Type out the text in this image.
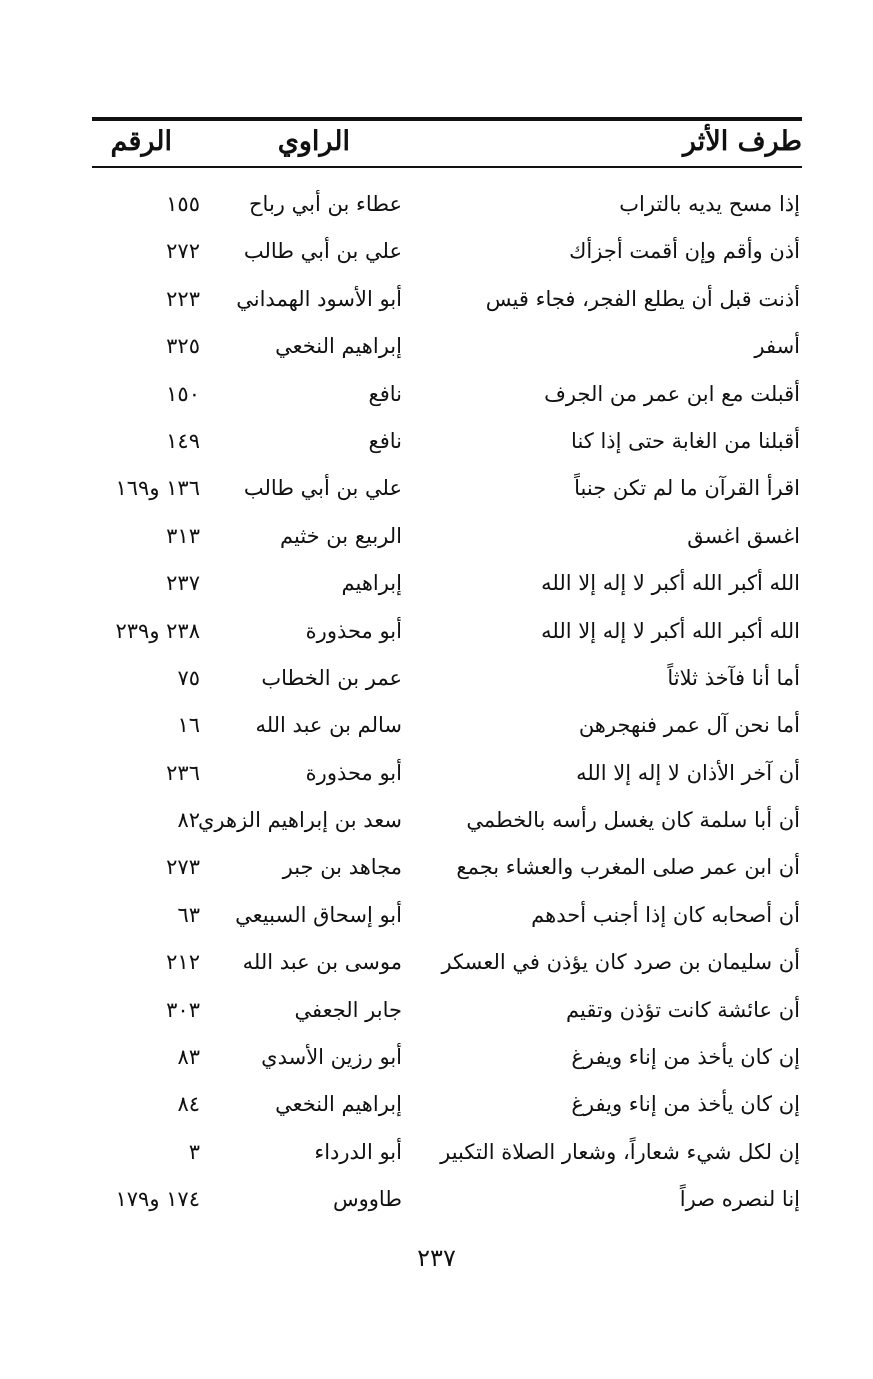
طرف الأثر
الراوي
الرقم
إذا مسح يديه بالتراب
عطاء بن أبي رباح
١٥٥
أذن وأقم وإن أقمت أجزأك
علي بن أبي طالب
٢٧٢
أذنت قبل أن يطلع الفجر، فجاء قيس
أبو الأسود الهمداني
٢٢٣
أسفر
إبراهيم النخعي
٣٢٥
أقبلت مع ابن عمر من الجرف
نافع
١٥٠
أقبلنا من الغابة حتى إذا كنا
نافع
١٤٩
اقرأ القرآن ما لم تكن جنباً
علي بن أبي طالب
١٣٦ و١٦٩
اغسق اغسق
الربيع بن خثيم
٣١٣
الله أكبر الله أكبر لا إله إلا الله
إبراهيم
٢٣٧
الله أكبر الله أكبر لا إله إلا الله
أبو محذورة
٢٣٨ و٢٣٩
أما أنا فآخذ ثلاثاً
عمر بن الخطاب
٧٥
أما نحن آل عمر فنهجرهن
سالم بن عبد الله
١٦
أن آخر الأذان لا إله إلا الله
أبو محذورة
٢٣٦
أن أبا سلمة كان يغسل رأسه بالخطمي
سعد بن إبراهيم الزهري
٨٢
أن ابن عمر صلى المغرب والعشاء بجمع
مجاهد بن جبر
٢٧٣
أن أصحابه كان إذا أجنب أحدهم
أبو إسحاق السبيعي
٦٣
أن سليمان بن صرد كان يؤذن في العسكر
موسى بن عبد الله
٢١٢
أن عائشة كانت تؤذن وتقيم
جابر الجعفي
٣٠٣
إن كان يأخذ من إناء ويفرغ
أبو رزين الأسدي
٨٣
إن كان يأخذ من إناء ويفرغ
إبراهيم النخعي
٨٤
إن لكل شيء شعاراً، وشعار الصلاة التكبير
أبو الدرداء
٣
إنا لنصره صراً
طاووس
١٧٤ و١٧٩
٢٣٧
